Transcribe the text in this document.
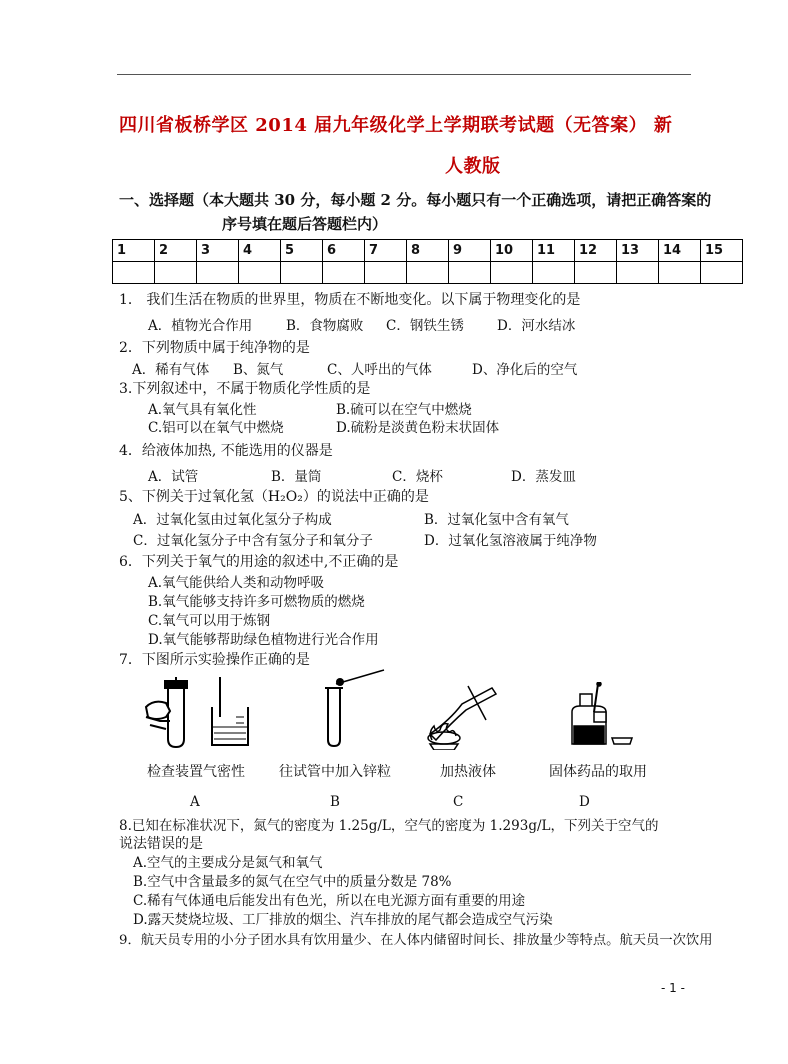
四川省板桥学区 2014 届九年级化学上学期联考试题（无答案） 新
人教版
一、选择题（本大题共 30 分，每小题 2 分。每小题只有一个正确选项，请把正确答案的
序号填在题后答题栏内）
1	2	3	4	5	6	7	8	9	10	11	12	13	14	15

1． 我们生活在物质的世界里，物质在不断地变化。以下属于物理变化的是
A．植物光合作用	B．食物腐败 C．钢铁生锈 D．河水结冰
2．下列物质中属于纯净物的是
A．稀有气体 B、氮气	C、人呼出的气体	D、净化后的空气
3.下列叙述中，不属于物质化学性质的是
A.氧气具有氧化性	B.硫可以在空气中燃烧
C.铝可以在氧气中燃烧	D.硫粉是淡黄色粉末状固体
4．给液体加热, 不能选用的仪器是
A．试管	B．量筒	C．烧杯	D．蒸发皿
5、下例关于过氧化氢（H₂O₂）的说法中正确的是
A．过氧化氢由过氧化氢分子构成	B．过氧化氢中含有氧气
C．过氧化氢分子中含有氢分子和氧分子	D．过氧化氢溶液属于纯净物
6．下列关于氧气的用途的叙述中,不正确的是
A.氧气能供给人类和动物呼吸
B.氧气能够支持许多可燃物质的燃烧
C.氧气可以用于炼钢
D.氧气能够帮助绿色植物进行光合作用
7．下图所示实验操作正确的是
检查装置气密性 往试管中加入锌粒	加热液体	固体药品的取用
A	B	C	D
8.已知在标准状况下，氮气的密度为 1.25g/L，空气的密度为 1.293g/L，下列关于空气的
说法错误的是
A.空气的主要成分是氮气和氧气
B.空气中含量最多的氮气在空气中的质量分数是 78%
C.稀有气体通电后能发出有色光，所以在电光源方面有重要的用途
D.露天焚烧垃圾、工厂排放的烟尘、汽车排放的尾气都会造成空气污染
9．航天员专用的小分子团水具有饮用量少、在人体内储留时间长、排放量少等特点。航天员一次饮用
- 1 -
